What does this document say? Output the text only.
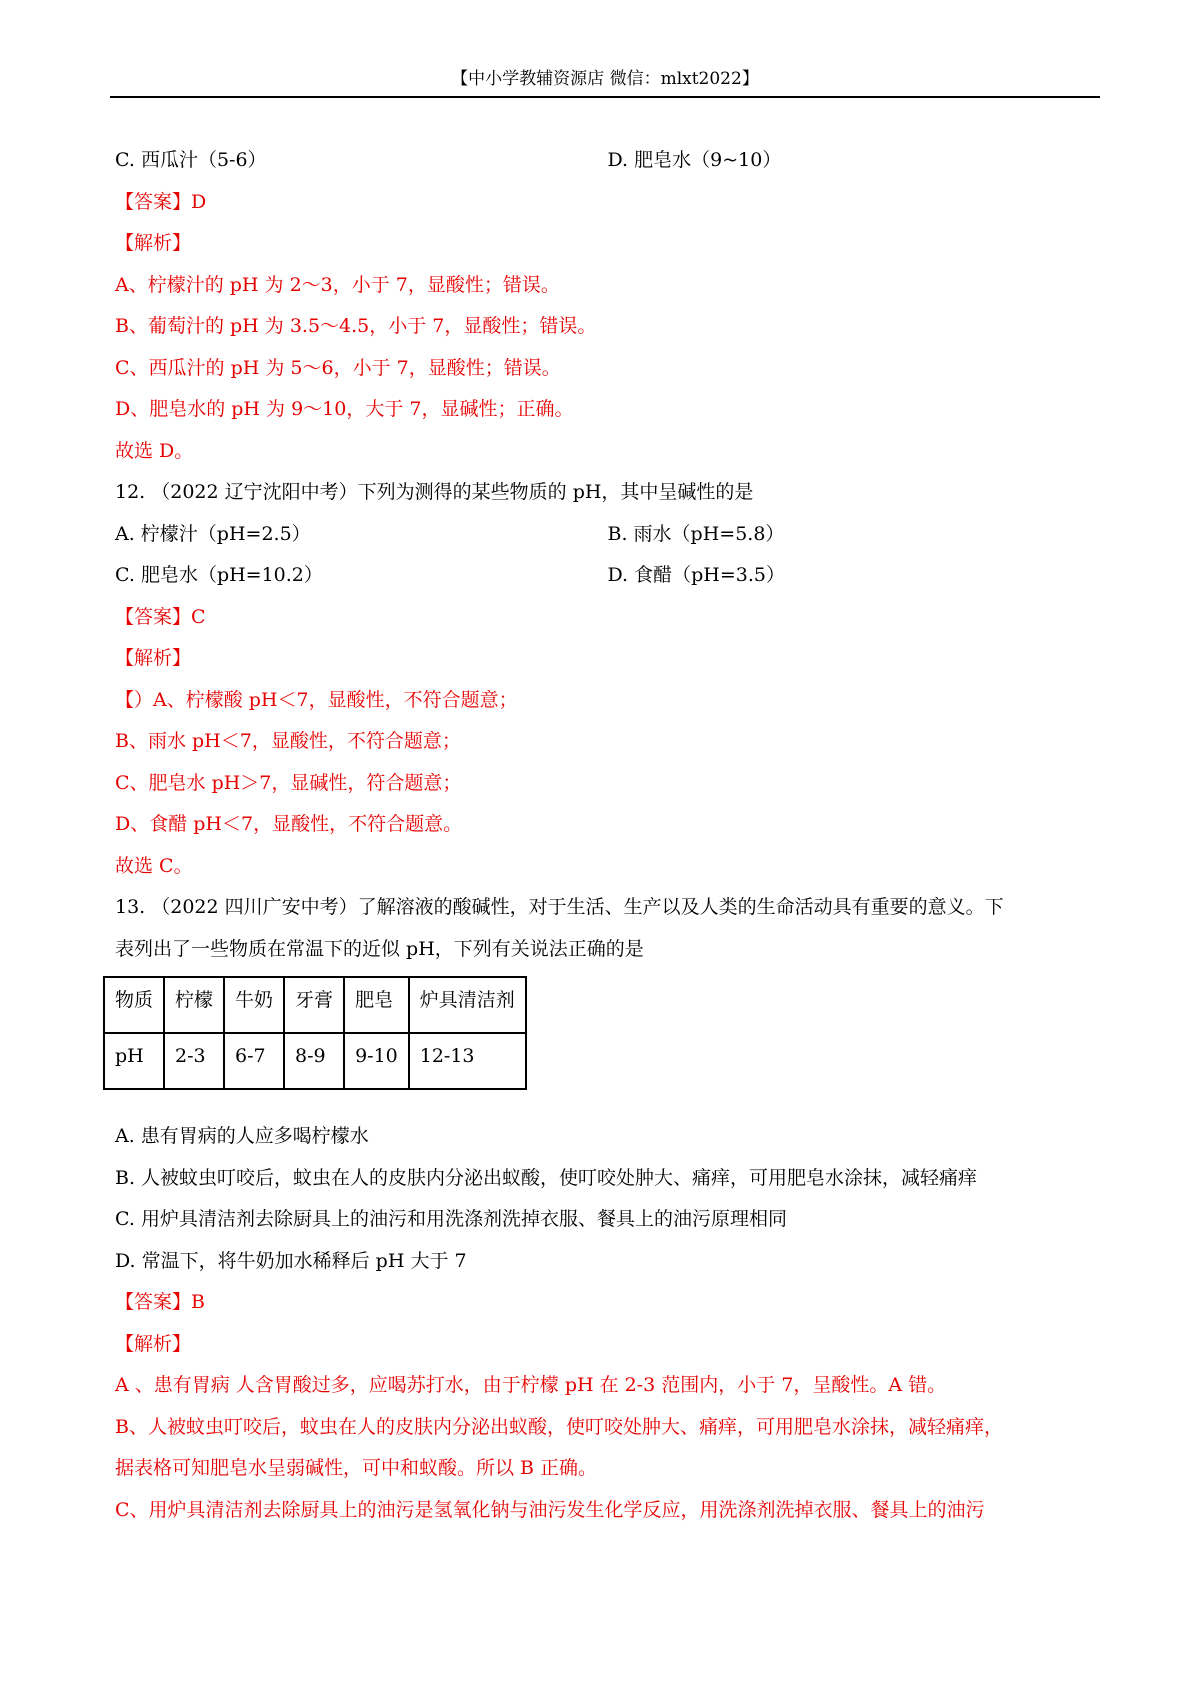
【中小学教辅资源店 微信：mlxt2022】
C. 西瓜汁（5-6）	D. 肥皂水（9~10）
【答案】D
【解析】
A、柠檬汁的 pH 为 2～3，小于 7，显酸性；错误。
B、葡萄汁的 pH 为 3.5～4.5，小于 7，显酸性；错误。
C、西瓜汁的 pH 为 5～6，小于 7，显酸性；错误。
D、肥皂水的 pH 为 9～10，大于 7，显碱性；正确。
故选 D。
12. （2022 辽宁沈阳中考）下列为测得的某些物质的 pH，其中呈碱性的是
A. 柠檬汁（pH=2.5）	B. 雨水（pH=5.8）
C. 肥皂水（pH=10.2）	D. 食醋（pH=3.5）
【答案】C
【解析】
【）A、柠檬酸 pH＜7，显酸性，不符合题意；
B、雨水 pH＜7，显酸性，不符合题意；
C、肥皂水 pH＞7，显碱性，符合题意；
D、食醋 pH＜7，显酸性，不符合题意。
故选 C。
13. （2022 四川广安中考）了解溶液的酸碱性，对于生活、生产以及人类的生命活动具有重要的意义。下
表列出了一些物质在常温下的近似 pH，下列有关说法正确的是
物质	柠檬	牛奶	牙膏	肥皂	炉具清洁剂
pH	2-3	6-7	8-9	9-10	12-13
A. 患有胃病的人应多喝柠檬水
B. 人被蚊虫叮咬后，蚊虫在人的皮肤内分泌出蚁酸，使叮咬处肿大、痛痒，可用肥皂水涂抹，减轻痛痒
C. 用炉具清洁剂去除厨具上的油污和用洗涤剂洗掉衣服、餐具上的油污原理相同
D. 常温下，将牛奶加水稀释后 pH 大于 7
【答案】B
【解析】
A 、患有胃病 人含胃酸过多，应喝苏打水，由于柠檬 pH 在 2-3 范围内，小于 7，呈酸性。A 错。
B、人被蚊虫叮咬后，蚊虫在人的皮肤内分泌出蚁酸，使叮咬处肿大、痛痒，可用肥皂水涂抹，减轻痛痒，
据表格可知肥皂水呈弱碱性，可中和蚁酸。所以 B 正确。
C、用炉具清洁剂去除厨具上的油污是氢氧化钠与油污发生化学反应，用洗涤剂洗掉衣服、餐具上的油污
